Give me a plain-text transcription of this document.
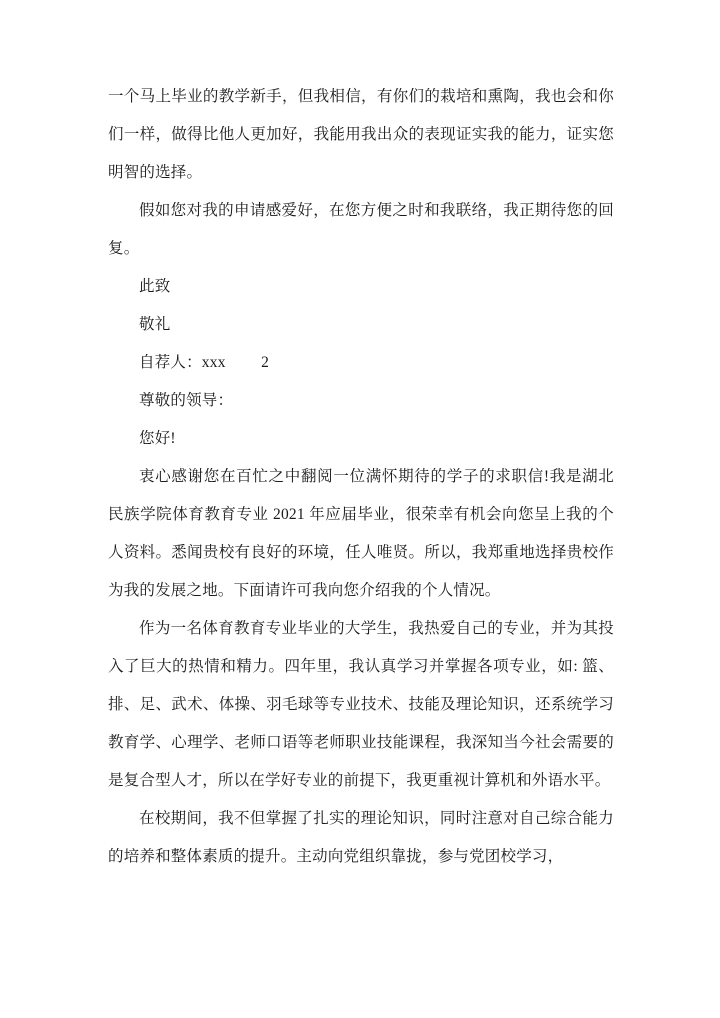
一个马上毕业的教学新手，但我相信，有你们的栽培和熏陶，我也会和你们一样，做得比他人更加好，我能用我出众的表现证实我的能力，证实您明智的选择。

假如您对我的申请感爱好，在您方便之时和我联络，我正期待您的回复。

此致

敬礼

自荐人：xxx　　 2

尊敬的领导：

您好!

衷心感谢您在百忙之中翻阅一位满怀期待的学子的求职信!我是湖北民族学院体育教育专业 2021 年应届毕业，很荣幸有机会向您呈上我的个人资料。悉闻贵校有良好的环境，任人唯贤。所以，我郑重地选择贵校作为我的发展之地。下面请许可我向您介绍我的个人情况。

作为一名体育教育专业毕业的大学生，我热爱自己的专业，并为其投入了巨大的热情和精力。四年里，我认真学习并掌握各项专业，如: 篮、排、足、武术、体操、羽毛球等专业技术、技能及理论知识，还系统学习教育学、心理学、老师口语等老师职业技能课程，我深知当今社会需要的是复合型人才，所以在学好专业的前提下，我更重视计算机和外语水平。

在校期间，我不但掌握了扎实的理论知识，同时注意对自己综合能力的培养和整体素质的提升。主动向党组织靠拢，参与党团校学习，
